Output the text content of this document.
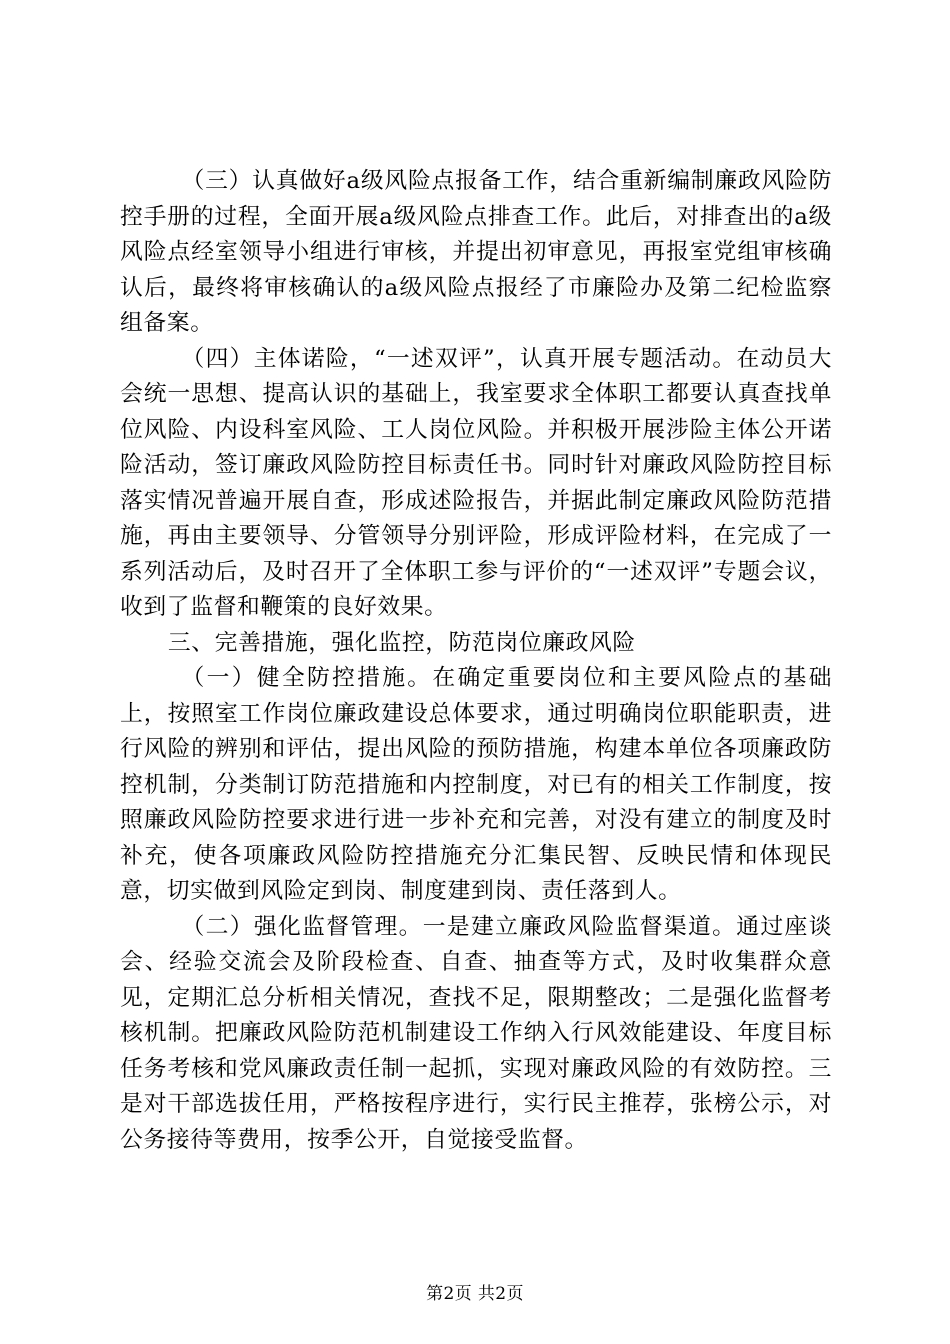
（三）认真做好a级风险点报备工作，结合重新编制廉政风险防控手册的过程，全面开展a级风险点排查工作。此后，对排查出的a级风险点经室领导小组进行审核，并提出初审意见，再报室党组审核确认后，最终将审核确认的a级风险点报经了市廉险办及第二纪检监察组备案。

（四）主体诺险，“一述双评”，认真开展专题活动。在动员大会统一思想、提高认识的基础上，我室要求全体职工都要认真查找单位风险、内设科室风险、工人岗位风险。并积极开展涉险主体公开诺险活动，签订廉政风险防控目标责任书。同时针对廉政风险防控目标落实情况普遍开展自查，形成述险报告，并据此制定廉政风险防范措施，再由主要领导、分管领导分别评险，形成评险材料，在完成了一系列活动后，及时召开了全体职工参与评价的“一述双评”专题会议，收到了监督和鞭策的良好效果。

三、完善措施，强化监控，防范岗位廉政风险

（一）健全防控措施。在确定重要岗位和主要风险点的基础上，按照室工作岗位廉政建设总体要求，通过明确岗位职能职责，进行风险的辨别和评估，提出风险的预防措施，构建本单位各项廉政防控机制，分类制订防范措施和内控制度，对已有的相关工作制度，按照廉政风险防控要求进行进一步补充和完善，对没有建立的制度及时补充，使各项廉政风险防控措施充分汇集民智、反映民情和体现民意，切实做到风险定到岗、制度建到岗、责任落到人。

（二）强化监督管理。一是建立廉政风险监督渠道。通过座谈会、经验交流会及阶段检查、自查、抽查等方式，及时收集群众意见，定期汇总分析相关情况，查找不足，限期整改；二是强化监督考核机制。把廉政风险防范机制建设工作纳入行风效能建设、年度目标任务考核和党风廉政责任制一起抓，实现对廉政风险的有效防控。三是对干部选拔任用，严格按程序进行，实行民主推荐，张榜公示，对公务接待等费用，按季公开，自觉接受监督。

第2页 共2页
